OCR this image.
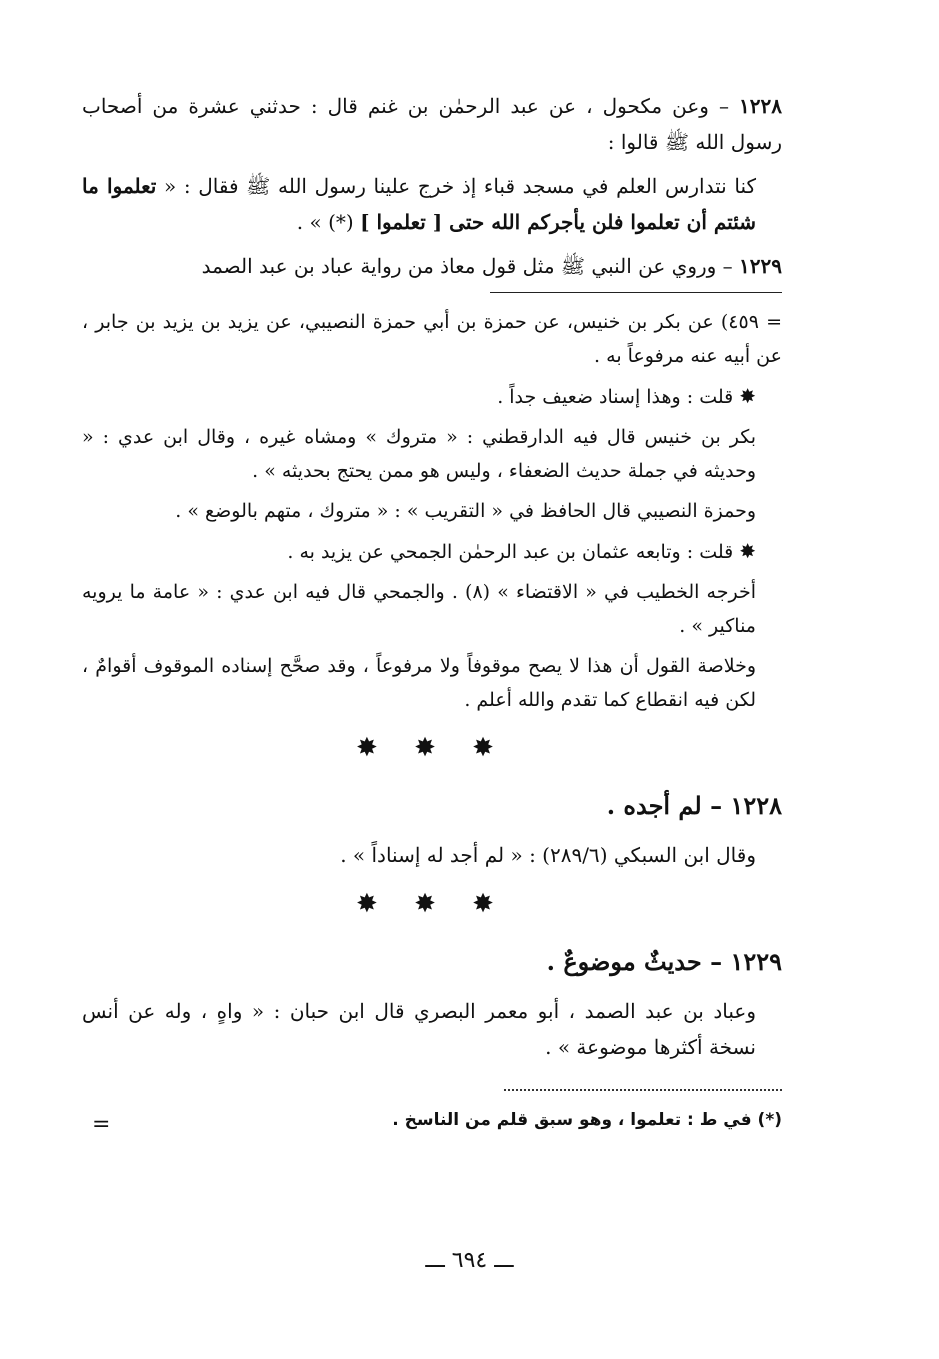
١٢٢٨ – وعن مكحول ، عن عبد الرحمٰن بن غنم قال : حدثني عشرة من أصحاب رسول الله ﷺ قالوا :

كنا نتدارس العلم في مسجد قباء إذ خرج علينا رسول الله ﷺ فقال : « تعلموا ما شئتم أن تعلموا فلن يأجركم الله حتى [ تعلموا ] (*) » .

١٢٢٩ – وروي عن النبي ﷺ مثل قول معاذ من رواية عباد بن عبد الصمد

= ٤٥٩) عن بكر بن خنيس، عن حمزة بن أبي حمزة النصيبي، عن يزيد بن يزيد بن جابر ، عن أبيه عنه مرفوعاً به .

✸قلت : وهذا إسناد ضعيف جداً .

بكر بن خنيس قال فيه الدارقطني : « متروك » ومشاه غيره ، وقال ابن عدي : « وحديثه في جملة حديث الضعفاء ، وليس هو ممن يحتج بحديثه » .

وحمزة النصيبي قال الحافظ في « التقريب » : « متروك ، متهم بالوضع » .

✸قلت : وتابعه عثمان بن عبد الرحمٰن الجمحي عن يزيد به .

أخرجه الخطيب في « الاقتضاء » (٨) . والجمحي قال فيه ابن عدي : « عامة ما يرويه مناكير » .

وخلاصة القول أن هذا لا يصح موقوفاً ولا مرفوعاً ، وقد صحَّح إسناده الموقوف أقوامٌ ، لكن فيه انقطاع كما تقدم والله أعلم .

✸ ✸ ✸
١٢٢٨ – لم أجده .

وقال ابن السبكي (٢٨٩/٦) : « لم أجد له إسناداً » .

✸ ✸ ✸
١٢٢٩ – حديثٌ موضوعٌ .

وعباد بن عبد الصمد ، أبو معمر البصري قال ابن حبان : « واهٍ ، وله عن أنس نسخة أكثرها موضوعة » .

(*) في ط : تعلموا ، وهو سبق قلم من الناسخ .
=
ـــ ٦٩٤ ـــ
